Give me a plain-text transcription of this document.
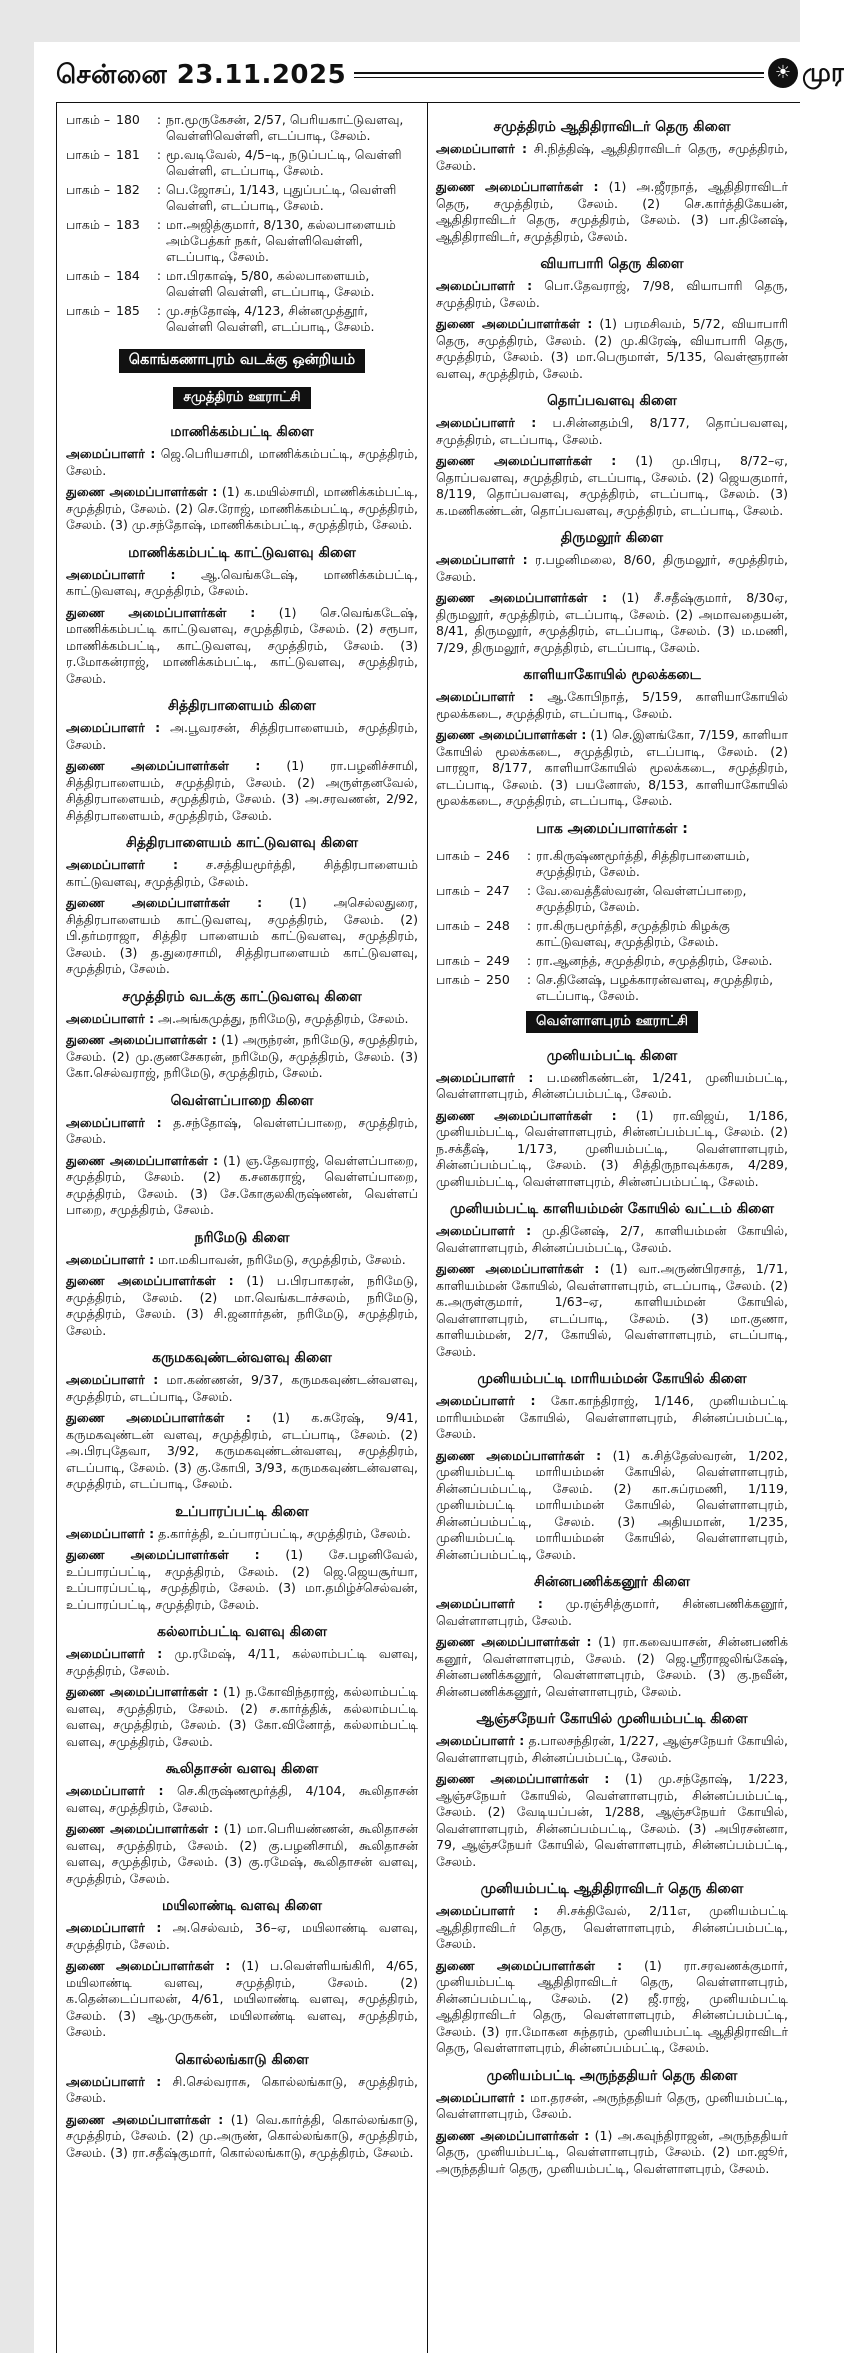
சென்னை 23.11.2025	☀ முர
பாகம் – 180	: நா.மூருகேசன், 2/57, பெரியகாட்டுவளவு, வெள்ளிவெள்ளி, எடப்பாடி, சேலம்.
பாகம் – 181	: மூ.வடிவேல், 4/5–டி, நடுப்பட்டி, வெள்ளி வெள்ளி, எடப்பாடி, சேலம்.
பாகம் – 182	: பெ.ஜோசப், 1/143, புதுப்பட்டி, வெள்ளி வெள்ளி, எடப்பாடி, சேலம்.
பாகம் – 183	: மா.அஜித்குமார், 8/130, கல்லபாளையம் அம்பேத்கர் நகர், வெள்ளிவெள்ளி, எடப்பாடி, சேலம்.
பாகம் – 184	: மா.பிரகாஷ், 5/80, கல்லபாளையம், வெள்ளி வெள்ளி, எடப்பாடி, சேலம்.
பாகம் – 185	: மு.சந்தோஷ், 4/123, சின்னமுத்தூர், வெள்ளி வெள்ளி, எடப்பாடி, சேலம்.
கொங்கணாபுரம் வடக்கு ஒன்றியம்
சமுத்திரம் ஊராட்சி
மாணிக்கம்பட்டி கிளை

அமைப்பாளர் : ஜெ.பெரியசாமி, மாணிக்கம்பட்டி, சமுத்திரம், சேலம்.

துணை அமைப்பாளர்கள் : (1) க.மயில்சாமி, மாணிக்கம்பட்டி, சமுத்திரம், சேலம். (2) செ.ரோஜ், மாணிக்கம்பட்டி, சமுத்திரம், சேலம். (3) மு.சந்தோஷ், மாணிக்கம்பட்டி, சமுத்திரம், சேலம்.

மாணிக்கம்பட்டி காட்டுவளவு கிளை

அமைப்பாளர் : ஆ.வெங்கடேஷ், மாணிக்கம்பட்டி, காட்டுவளவு, சமுத்திரம், சேலம்.

துணை அமைப்பாளர்கள் : (1) செ.வெங்கடேஷ், மாணிக்கம்பட்டி காட்டுவளவு, சமுத்திரம், சேலம். (2) சரூபா, மாணிக்கம்பட்டி, காட்டுவளவு, சமுத்திரம், சேலம். (3) ர.மோகன்ராஜ், மாணிக்கம்பட்டி, காட்டுவளவு, சமுத்திரம், சேலம்.

சித்திரபாளையம் கிளை

அமைப்பாளர் : அ.பூவரசன், சித்திரபாளையம், சமுத்திரம், சேலம்.

துணை அமைப்பாளர்கள் : (1) ரா.பழனிச்சாமி, சித்திரபாளையம், சமுத்திரம், சேலம். (2) அருள்தனவேல், சித்திரபாளையம், சமுத்திரம், சேலம். (3) அ.சரவணன், 2/92, சித்திரபாளையம், சமுத்திரம், சேலம்.

சித்திரபாளையம் காட்டுவளவு கிளை

அமைப்பாளர் : ச.சத்தியமூர்த்தி, சித்திரபாளையம் காட்டுவளவு, சமுத்திரம், சேலம்.

துணை அமைப்பாளர்கள் : (1) அசெல்லதுரை, சித்திரபாளையம் காட்டுவளவு, சமுத்திரம், சேலம். (2) பி.தர்மராஜா, சித்திர பாளையம் காட்டுவளவு, சமுத்திரம், சேலம். (3) த.துரைசாமி, சித்திரபாளையம் காட்டுவளவு, சமுத்திரம், சேலம்.

சமுத்திரம் வடக்கு காட்டுவளவு கிளை

அமைப்பாளர் : அ.அங்கமுத்து, நரிமேடு, சமுத்திரம், சேலம்.

துணை அமைப்பாளர்கள் : (1) அருந்ரன், நரிமேடு, சமுத்திரம், சேலம். (2) மு.குணசேகரன், நரிமேடு, சமுத்திரம், சேலம். (3) கோ.செல்வராஜ், நரிமேடு, சமுத்திரம், சேலம்.

வெள்ளப்பாறை கிளை

அமைப்பாளர் : த.சந்தோஷ், வெள்ளப்பாறை, சமுத்திரம், சேலம்.

துணை அமைப்பாளர்கள் : (1) ஞ.தேவராஜ், வெள்ளப்பாறை, சமுத்திரம், சேலம். (2) க.சனகராஜ், வெள்ளப்பாறை, சமுத்திரம், சேலம். (3) சே.கோகுலகிருஷ்ணன், வெள்ளப் பாறை, சமுத்திரம், சேலம்.

நரிமேடு கிளை

அமைப்பாளர் : மா.மகிபாவன், நரிமேடு, சமுத்திரம், சேலம்.

துணை அமைப்பாளர்கள் : (1) ப.பிரபாகரன், நரிமேடு, சமுத்திரம், சேலம். (2) மா.வெங்கடாச்சலம், நரிமேடு, சமுத்திரம், சேலம். (3) சி.ஜனார்தன், நரிமேடு, சமுத்திரம், சேலம்.

கருமகவுண்டன்வளவு கிளை

அமைப்பாளர் : மா.கண்ணன், 9/37, கருமகவுண்டன்வளவு, சமுத்திரம், எடப்பாடி, சேலம்.

துணை அமைப்பாளர்கள் : (1) க.சுரேஷ், 9/41, கருமகவுண்டன் வளவு, சமுத்திரம், எடப்பாடி, சேலம். (2) அ.பிரபுதேவா, 3/92, கருமகவுண்டன்வளவு, சமுத்திரம், எடப்பாடி, சேலம். (3) கு.கோபி, 3/93, கருமகவுண்டன்வளவு, சமுத்திரம், எடப்பாடி, சேலம்.

உப்பாரப்பட்டி கிளை

அமைப்பாளர் : த.கார்த்தி, உப்பாரப்பட்டி, சமுத்திரம், சேலம்.

துணை அமைப்பாளர்கள் : (1) சே.பழனிவேல், உப்பாரப்பட்டி, சமுத்திரம், சேலம். (2) ஜெ.ஜெயசூர்யா, உப்பாரப்பட்டி, சமுத்திரம், சேலம். (3) மா.தமிழ்ச்செல்வன், உப்பாரப்பட்டி, சமுத்திரம், சேலம்.

கல்லாம்பட்டி வளவு கிளை

அமைப்பாளர் : மு.ரமேஷ், 4/11, கல்லாம்பட்டி வளவு, சமுத்திரம், சேலம்.

துணை அமைப்பாளர்கள் : (1) ந.கோவிந்தராஜ், கல்லாம்பட்டி வளவு, சமுத்திரம், சேலம். (2) ச.கார்த்திக், கல்லாம்பட்டி வளவு, சமுத்திரம், சேலம். (3) கோ.வினோத், கல்லாம்பட்டி வளவு, சமுத்திரம், சேலம்.

கூலிதாசன் வளவு கிளை

அமைப்பாளர் : செ.கிருஷ்ணமூர்த்தி, 4/104, கூலிதாசன் வளவு, சமுத்திரம், சேலம்.

துணை அமைப்பாளர்கள் : (1) மா.பெரியண்ணன், கூலிதாசன் வளவு, சமுத்திரம், சேலம். (2) கு.பழனிசாமி, கூலிதாசன் வளவு, சமுத்திரம், சேலம். (3) கு.ரமேஷ், கூலிதாசன் வளவு, சமுத்திரம், சேலம்.

மயிலாண்டி வளவு கிளை

அமைப்பாளர் : அ.செல்வம், 36–ஏ, மயிலாண்டி வளவு, சமுத்திரம், சேலம்.

துணை அமைப்பாளர்கள் : (1) ப.வெள்ளியங்கிரி, 4/65, மயிலாண்டி வளவு, சமுத்திரம், சேலம். (2) க.தென்டைப்பாலன், 4/61, மயிலாண்டி வளவு, சமுத்திரம், சேலம். (3) ஆ.முருகன், மயிலாண்டி வளவு, சமுத்திரம், சேலம்.

கொல்லங்காடு கிளை

அமைப்பாளர் : சி.செல்வராசு, கொல்லங்காடு, சமுத்திரம், சேலம்.

துணை அமைப்பாளர்கள் : (1) வெ.கார்த்தி, கொல்லங்காடு, சமுத்திரம், சேலம். (2) மு.அருண், கொல்லங்காடு, சமுத்திரம், சேலம். (3) ரா.சதீஷ்குமார், கொல்லங்காடு, சமுத்திரம், சேலம்.

சமுத்திரம் ஆதிதிராவிடர் தெரு கிளை

அமைப்பாளர் : சி.நித்திஷ், ஆதிதிராவிடர் தெரு, சமுத்திரம், சேலம்.

துணை அமைப்பாளர்கள் : (1) அ.ஜீரநாத், ஆதிதிராவிடர் தெரு, சமுத்திரம், சேலம். (2) செ.கார்த்திகேயன், ஆதிதிராவிடர் தெரு, சமுத்திரம், சேலம். (3) பா.தினேஷ், ஆதிதிராவிடர், சமுத்திரம், சேலம்.

வியாபாரி தெரு கிளை

அமைப்பாளர் : பொ.தேவராஜ், 7/98, வியாபாரி தெரு, சமுத்திரம், சேலம்.

துணை அமைப்பாளர்கள் : (1) பரமசிவம், 5/72, வியாபாரி தெரு, சமுத்திரம், சேலம். (2) மு.கிரேஷ், வியாபாரி தெரு, சமுத்திரம், சேலம். (3) மா.பெருமாள், 5/135, வெள்ளூரான் வளவு, சமுத்திரம், சேலம்.

தொப்பவளவு கிளை

அமைப்பாளர் : ப.சின்னதம்பி, 8/177, தொப்பவளவு, சமுத்திரம், எடப்பாடி, சேலம்.

துணை அமைப்பாளர்கள் : (1) மு.பிரபு, 8/72–ஏ, தொப்பவளவு, சமுத்திரம், எடப்பாடி, சேலம். (2) ஜெயகுமார், 8/119, தொப்பவளவு, சமுத்திரம், எடப்பாடி, சேலம். (3) க.மணிகண்டன், தொப்பவளவு, சமுத்திரம், எடப்பாடி, சேலம்.

திருமலூர் கிளை

அமைப்பாளர் : ர.பழனிமலை, 8/60, திருமலூர், சமுத்திரம், சேலம்.

துணை அமைப்பாளர்கள் : (1) சீ.சதீஷ்குமார், 8/30ஏ, திருமலூர், சமுத்திரம், எடப்பாடி, சேலம். (2) அமாவதையன், 8/41, திருமலூர், சமுத்திரம், எடப்பாடி, சேலம். (3) ம.மணி, 7/29, திருமலூர், சமுத்திரம், எடப்பாடி, சேலம்.

காளியாகோயில் மூலக்கடை

அமைப்பாளர் : ஆ.கோபிநாத், 5/159, காளியாகோயில் மூலக்கடை, சமுத்திரம், எடப்பாடி, சேலம்.

துணை அமைப்பாளர்கள் : (1) செ.இளங்கோ, 7/159, காளியா கோயில் மூலக்கடை, சமுத்திரம், எடப்பாடி, சேலம். (2) பாரஜா, 8/177, காளியாகோயில் மூலக்கடை, சமுத்திரம், எடப்பாடி, சேலம். (3) பயனோஸ், 8/153, காளியாகோயில் மூலக்கடை, சமுத்திரம், எடப்பாடி, சேலம்.

பாக அமைப்பாளர்கள் :
பாகம் – 246	: ரா.கிருஷ்ணமூர்த்தி, சித்திரபாளையம், சமுத்திரம், சேலம்.
பாகம் – 247	: வே.வைத்தீஸ்வரன், வெள்ளப்பாறை, சமுத்திரம், சேலம்.
பாகம் – 248	: ரா.கிருபமூர்த்தி, சமுத்திரம் கிழக்கு காட்டுவளவு, சமுத்திரம், சேலம்.
பாகம் – 249	: ரா.ஆனந்த், சமுத்திரம், சமுத்திரம், சேலம்.
பாகம் – 250	: செ.தினேஷ், பழக்காரன்வளவு, சமுத்திரம், எடப்பாடி, சேலம்.
வெள்ளாளபுரம் ஊராட்சி
முனியம்பட்டி கிளை

அமைப்பாளர் : ப.மணிகண்டன், 1/241, முனியம்பட்டி, வெள்ளாளபுரம், சின்னப்பம்பட்டி, சேலம்.

துணை அமைப்பாளர்கள் : (1) ரா.விஜய், 1/186, முனியம்பட்டி, வெள்ளாளபுரம், சின்னப்பம்பட்டி, சேலம். (2) ந.சக்தீஷ், 1/173, முனியம்பட்டி, வெள்ளாளபுரம், சின்னப்பம்பட்டி, சேலம். (3) சித்திருநாவுக்கரசு, 4/289, முனியம்பட்டி, வெள்ளாளபுரம், சின்னப்பம்பட்டி, சேலம்.

முனியம்பட்டி காளியம்மன் கோயில் வட்டம் கிளை

அமைப்பாளர் : மு.தினேஷ், 2/7, காளியம்மன் கோயில், வெள்ளாளபுரம், சின்னப்பம்பட்டி, சேலம்.

துணை அமைப்பாளர்கள் : (1) வா.அருண்பிரசாத், 1/71, காளியம்மன் கோயில், வெள்ளாளபுரம், எடப்பாடி, சேலம். (2) க.அருள்குமார், 1/63–ஏ, காளியம்மன் கோயில், வெள்ளாளபுரம், எடப்பாடி, சேலம். (3) மா.குணா, காளியம்மன், 2/7, கோயில், வெள்ளாளபுரம், எடப்பாடி, சேலம்.

முனியம்பட்டி மாரியம்மன் கோயில் கிளை

அமைப்பாளர் : கோ.காந்திராஜ், 1/146, முனியம்பட்டி மாரியம்மன் கோயில், வெள்ளாளபுரம், சின்னப்பம்பட்டி, சேலம்.

துணை அமைப்பாளர்கள் : (1) க.சித்தேஸ்வரன், 1/202, முனியம்பட்டி மாரியம்மன் கோயில், வெள்ளாளபுரம், சின்னப்பம்பட்டி, சேலம். (2) கா.சுப்ரமணி, 1/119, முனியம்பட்டி மாரியம்மன் கோயில், வெள்ளாளபுரம், சின்னப்பம்பட்டி, சேலம். (3) அதியமான், 1/235, முனியம்பட்டி மாரியம்மன் கோயில், வெள்ளாளபுரம், சின்னப்பம்பட்டி, சேலம்.

சின்னபணிக்கனூர் கிளை

அமைப்பாளர் : மு.ரஞ்சித்குமார், சின்னபணிக்கனூர், வெள்ளாளபுரம், சேலம்.

துணை அமைப்பாளர்கள் : (1) ரா.கவையாசன், சின்னபணிக் கனூர், வெள்ளாளபுரம், சேலம். (2) ஜெ.ஸ்ரீராஜலிங்கேஷ், சின்னபணிக்கனூர், வெள்ளாளபுரம், சேலம். (3) கு.நவீன், சின்னபணிக்கனூர், வெள்ளாளபுரம், சேலம்.

ஆஞ்சநேயர் கோயில் முனியம்பட்டி கிளை

அமைப்பாளர் : த.பாலசந்திரன், 1/227, ஆஞ்சநேயர் கோயில், வெள்ளாளபுரம், சின்னப்பம்பட்டி, சேலம்.

துணை அமைப்பாளர்கள் : (1) மு.சந்தோஷ், 1/223, ஆஞ்சநேயர் கோயில், வெள்ளாளபுரம், சின்னப்பம்பட்டி, சேலம். (2) வேடியப்பன், 1/288, ஆஞ்சநேயர் கோயில், வெள்ளாளபுரம், சின்னப்பம்பட்டி, சேலம். (3) அபிரசன்னா, 79, ஆஞ்சநேயர் கோயில், வெள்ளாளபுரம், சின்னப்பம்பட்டி, சேலம்.

முனியம்பட்டி ஆதிதிராவிடர் தெரு கிளை

அமைப்பாளர் : சி.சக்திவேல், 2/11எ, முனியம்பட்டி ஆதிதிராவிடர் தெரு, வெள்ளாளபுரம், சின்னப்பம்பட்டி, சேலம்.

துணை அமைப்பாளர்கள் : (1) ரா.சரவணக்குமார், முனியம்பட்டி ஆதிதிராவிடர் தெரு, வெள்ளாளபுரம், சின்னப்பம்பட்டி, சேலம். (2) ஜீ.ராஜ், முனியம்பட்டி ஆதிதிராவிடர் தெரு, வெள்ளாளபுரம், சின்னப்பம்பட்டி, சேலம். (3) ரா.மோகன சுந்தரம், முனியம்பட்டி ஆதிதிராவிடர் தெரு, வெள்ளாளபுரம், சின்னப்பம்பட்டி, சேலம்.

முனியம்பட்டி அருந்ததியர் தெரு கிளை

அமைப்பாளர் : மா.தரசன், அருந்ததியர் தெரு, முனியம்பட்டி, வெள்ளாளபுரம், சேலம்.

துணை அமைப்பாளர்கள் : (1) அ.கவுந்திராஜன், அருந்ததியர் தெரு, முனியம்பட்டி, வெள்ளாளபுரம், சேலம். (2) மா.ஜூர், அருந்ததியர் தெரு, முனியம்பட்டி, வெள்ளாளபுரம், சேலம்.
